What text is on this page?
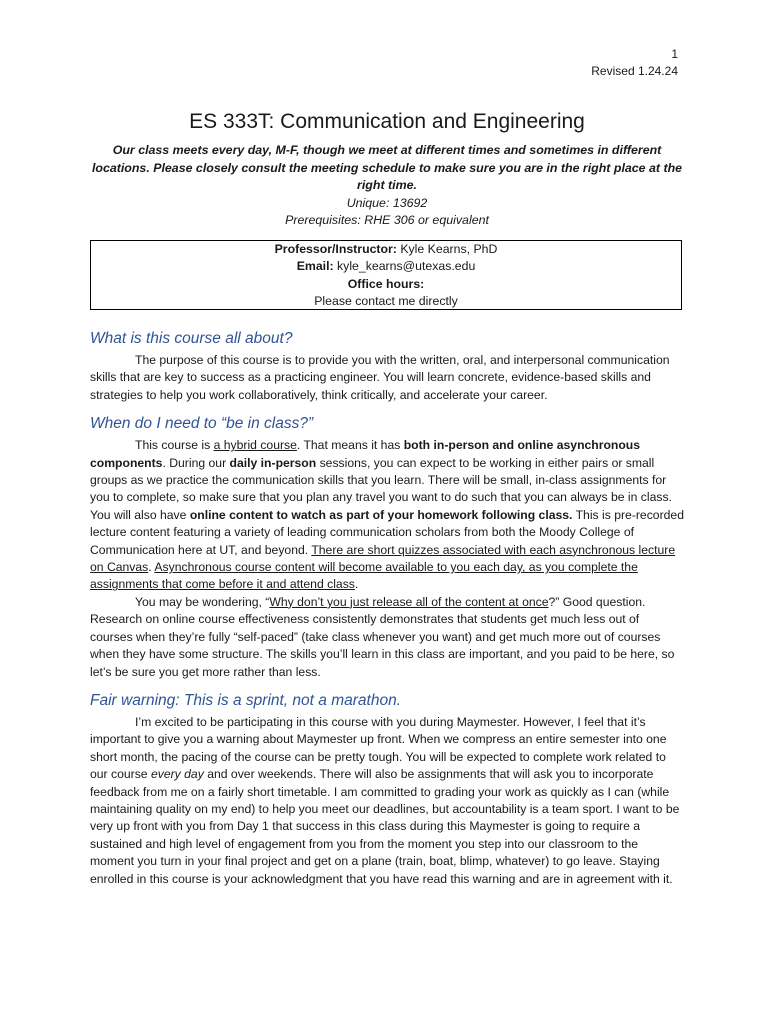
1
Revised 1.24.24
ES 333T: Communication and Engineering

Our class meets every day, M-F, though we meet at different times and sometimes in different locations. Please closely consult the meeting schedule to make sure you are in the right place at the right time.

Unique: 13692

Prerequisites: RHE 306 or equivalent

Professor/Instructor: Kyle Kearns, PhD

Email: kyle_kearns@utexas.edu

Office hours:

Please contact me directly

What is this course all about?

The purpose of this course is to provide you with the written, oral, and interpersonal communication skills that are key to success as a practicing engineer. You will learn concrete, evidence-based skills and strategies to help you work collaboratively, think critically, and accelerate your career.

When do I need to “be in class?”

This course is a hybrid course. That means it has both in-person and online asynchronous components. During our daily in-person sessions, you can expect to be working in either pairs or small groups as we practice the communication skills that you learn. There will be small, in-class assignments for you to complete, so make sure that you plan any travel you want to do such that you can always be in class. You will also have online content to watch as part of your homework following class. This is pre-recorded lecture content featuring a variety of leading communication scholars from both the Moody College of Communication here at UT, and beyond. There are short quizzes associated with each asynchronous lecture on Canvas. Asynchronous course content will become available to you each day, as you complete the assignments that come before it and attend class.

You may be wondering, “Why don’t you just release all of the content at once?” Good question. Research on online course effectiveness consistently demonstrates that students get much less out of courses when they’re fully “self-paced” (take class whenever you want) and get much more out of courses when they have some structure. The skills you’ll learn in this class are important, and you paid to be here, so let’s be sure you get more rather than less.

Fair warning: This is a sprint, not a marathon.

I’m excited to be participating in this course with you during Maymester. However, I feel that it’s important to give you a warning about Maymester up front. When we compress an entire semester into one short month, the pacing of the course can be pretty tough. You will be expected to complete work related to our course every day and over weekends. There will also be assignments that will ask you to incorporate feedback from me on a fairly short timetable. I am committed to grading your work as quickly as I can (while maintaining quality on my end) to help you meet our deadlines, but accountability is a team sport. I want to be very up front with you from Day 1 that success in this class during this Maymester is going to require a sustained and high level of engagement from you from the moment you step into our classroom to the moment you turn in your final project and get on a plane (train, boat, blimp, whatever) to go leave. Staying enrolled in this course is your acknowledgment that you have read this warning and are in agreement with it.
